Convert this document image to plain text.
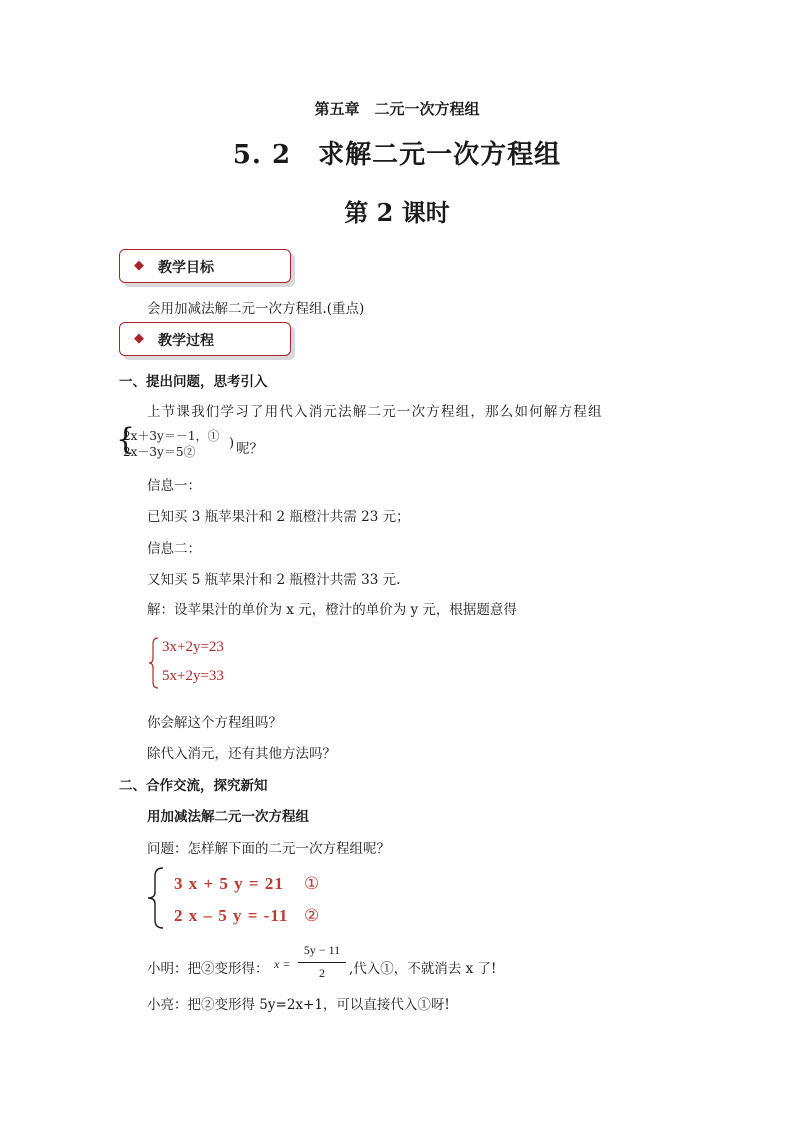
第五章　二元一次方程组
5. 2　求解二元一次方程组
第 2 课时
◆ 教学目标
会用加减法解二元一次方程组.(重点)
◆ 教学过程
一、提出问题，思考引入
上节课我们学习了用代入消元法解二元一次方程组，那么如何解方程组
{
2x＋3y＝－1，①
2x－3y＝5②
) 呢？
信息一：
已知买 3 瓶苹果汁和 2 瓶橙汁共需 23 元；
信息二：
又知买 5 瓶苹果汁和 2 瓶橙汁共需 33 元.
解：设苹果汁的单价为 x 元，橙汁的单价为 y 元，根据题意得
3x+2y=23
5x+2y=33
你会解这个方程组吗？
除代入消元，还有其他方法吗？
二、合作交流，探究新知
用加减法解二元一次方程组
问题：怎样解下面的二元一次方程组呢？
3 x + 5 y = 21 ①
2 x – 5 y = -11 ②
小明：把②变形得： x =
5y − 11
2	,代入①，不就消去 x 了!
小亮：把②变形得 5y=2x+1，可以直接代入①呀!
